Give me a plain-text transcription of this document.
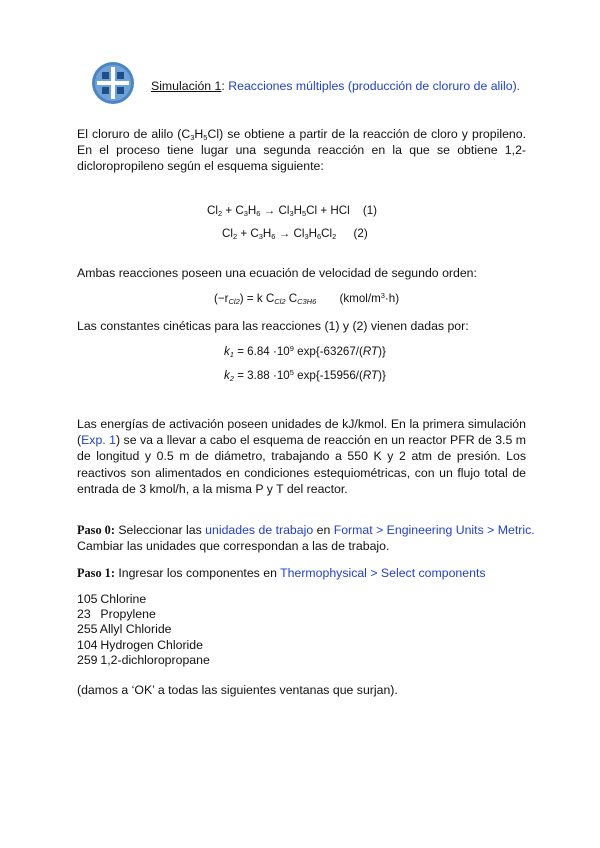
Simulación 1: Reacciones múltiples (producción de cloruro de alilo).
El cloruro de alilo $(C_3H_5Cl)$ se obtiene a partir de la reacción de cloro y propileno. En el proceso tiene lugar una segunda reacción en la que se obtiene 1,2-dicloropropileno según el esquema siguiente:
$Cl_2 + C_3H_6 \to Cl_3H_5Cl$ + HCl (1)
$Cl_2 + C_3H_6 \to Cl_3H_6Cl_2$ (2)
Ambas reacciones poseen una ecuación de velocidad de segundo orden:
$(-r_{Cl2}) = k$ $C_{Cl2}$ $C_{C3H6}$ $(kmol/m^3\cdot h)$
Las constantes cinéticas para las reacciones (1) y (2) vienen dadas por:
$k_1 = 6.84 \cdot 10^9$ exp{-63267/(RT)}
$k_2 = 3.88 \cdot 10^5$ exp{-15956/(RT)}
Las energías de activación poseen unidades de kJ/kmol. En la primera simulación (Exp. 1) se va a llevar a cabo el esquema de reacción en un reactor PFR de 3.5 m de longitud y 0.5 m de diámetro, trabajando a 550 K y 2 atm de presión. Los reactivos son alimentados en condiciones estequiométricas, con un flujo total de entrada de 3 kmol/h, a la misma P y T del reactor.
Paso 0: Seleccionar las unidades de trabajo en Format > Engineering Units > Metric.
Cambiar las unidades que correspondan a las de trabajo.
Paso 1: Ingresar los componentes en Thermophysical > Select components
105 Chlorine
23 Propylene
255 Allyl Chloride
104 Hydrogen Chloride
259 1,2-dichloropropane
(damos a ‘OK’ a todas las siguientes ventanas que surjan).
